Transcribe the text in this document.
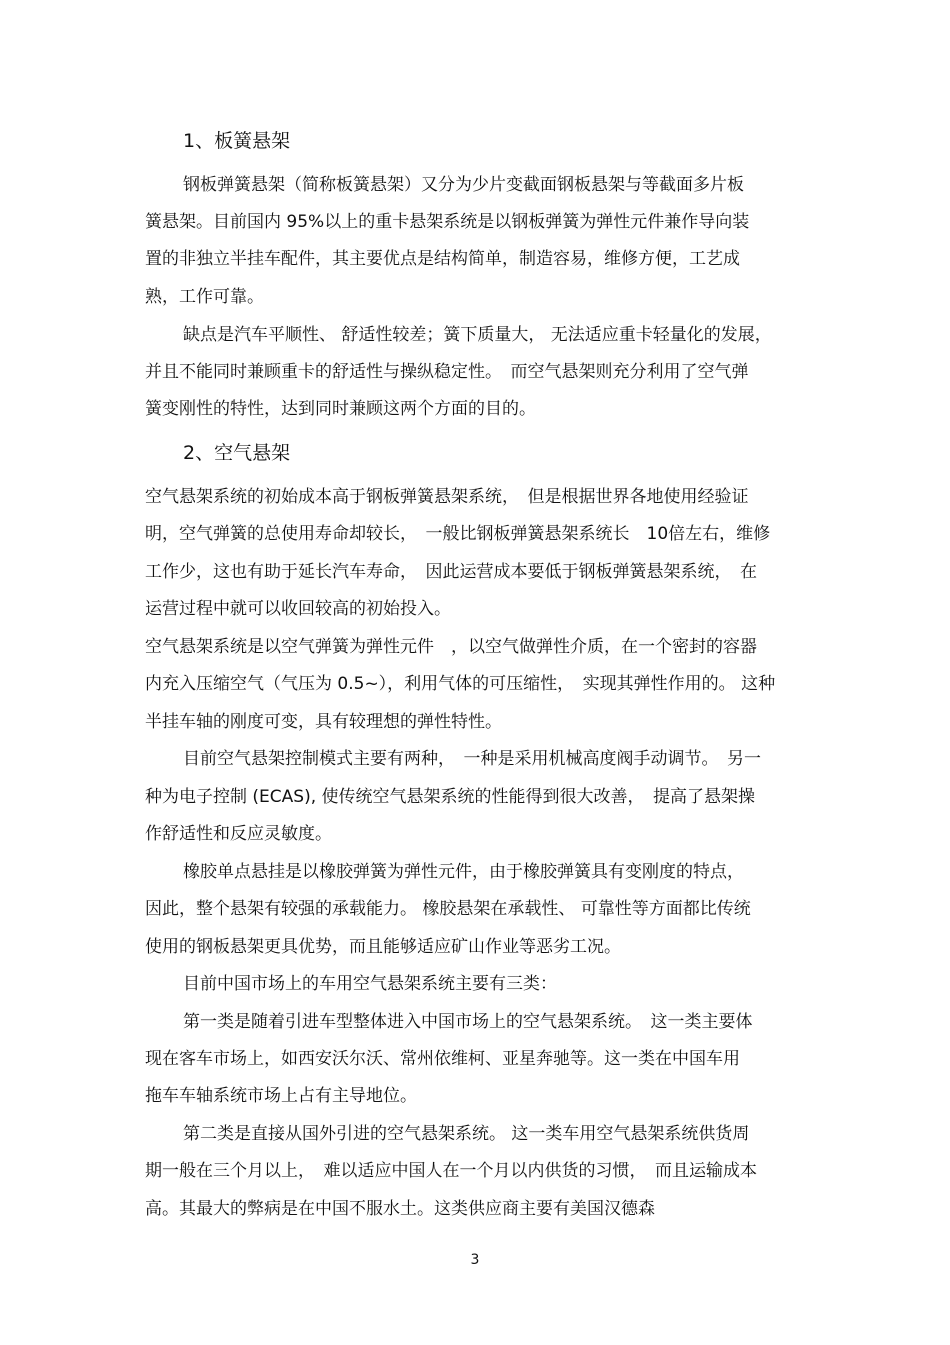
1、板簧悬架
钢板弹簧悬架（简称板簧悬架）又分为少片变截面钢板悬架与等截面多片板
簧悬架。目前国内 95%以上的重卡悬架系统是以钢板弹簧为弹性元件兼作导向装
置的非独立半挂车配件，其主要优点是结构简单，制造容易，维修方便，工艺成
熟，工作可靠。
缺点是汽车平顺性、 舒适性较差；簧下质量大， 无法适应重卡轻量化的发展，
并且不能同时兼顾重卡的舒适性与操纵稳定性。　而空气悬架则充分利用了空气弹
簧变刚性的特性，达到同时兼顾这两个方面的目的。
2、空气悬架
空气悬架系统的初始成本高于钢板弹簧悬架系统，　但是根据世界各地使用经验证
明，空气弹簧的总使用寿命却较长，　一般比钢板弹簧悬架系统长　10倍左右，维修
工作少，这也有助于延长汽车寿命，　因此运营成本要低于钢板弹簧悬架系统，　在
运营过程中就可以收回较高的初始投入。
空气悬架系统是以空气弹簧为弹性元件　，以空气做弹性介质，在一个密封的容器
内充入压缩空气（气压为 0.5~），利用气体的可压缩性，　实现其弹性作用的。 这种
半挂车轴的刚度可变，具有较理想的弹性特性。
目前空气悬架控制模式主要有两种，　一种是采用机械高度阀手动调节。　另一
种为电子控制 (ECAS), 使传统空气悬架系统的性能得到很大改善，　提高了悬架操
作舒适性和反应灵敏度。
橡胶单点悬挂是以橡胶弹簧为弹性元件，由于橡胶弹簧具有变刚度的特点，
因此，整个悬架有较强的承载能力。 橡胶悬架在承载性、 可靠性等方面都比传统
使用的钢板悬架更具优势，而且能够适应矿山作业等恶劣工况。
目前中国市场上的车用空气悬架系统主要有三类：
第一类是随着引进车型整体进入中国市场上的空气悬架系统。　这一类主要体
现在客车市场上，如西安沃尔沃、常州依维柯、亚星奔驰等。这一类在中国车用
拖车车轴系统市场上占有主导地位。
第二类是直接从国外引进的空气悬架系统。 这一类车用空气悬架系统供货周
期一般在三个月以上，　难以适应中国人在一个月以内供货的习惯，　而且运输成本
高。其最大的弊病是在中国不服水土。这类供应商主要有美国汉德森
3
